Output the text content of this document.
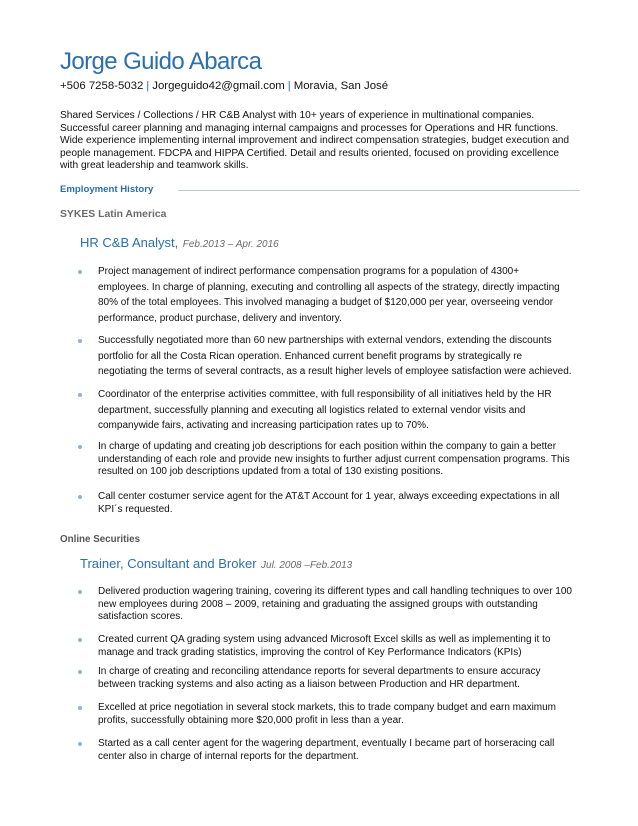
Jorge Guido Abarca
+506 7258-5032 | Jorgeguido42@gmail.com | Moravia, San José
Shared Services / Collections / HR C&B Analyst with 10+ years of experience in multinational companies.
Successful career planning and managing internal campaigns and processes for Operations and HR functions.
Wide experience implementing internal improvement and indirect compensation strategies, budget execution and
people management. FDCPA and HIPPA Certified. Detail and results oriented, focused on providing excellence
with great leadership and teamwork skills.
Employment History
SYKES Latin America
HR C&B Analyst, Feb.2013 – Apr. 2016
Project management of indirect performance compensation programs for a population of 4300+
employees. In charge of planning, executing and controlling all aspects of the strategy, directly impacting
80% of the total employees. This involved managing a budget of $120,000 per year, overseeing vendor
performance, product purchase, delivery and inventory.
Successfully negotiated more than 60 new partnerships with external vendors, extending the discounts
portfolio for all the Costa Rican operation. Enhanced current benefit programs by strategically re
negotiating the terms of several contracts, as a result higher levels of employee satisfaction were achieved.
Coordinator of the enterprise activities committee, with full responsibility of all initiatives held by the HR
department, successfully planning and executing all logistics related to external vendor visits and
companywide fairs, activating and increasing participation rates up to 70%.
In charge of updating and creating job descriptions for each position within the company to gain a better
understanding of each role and provide new insights to further adjust current compensation programs. This
resulted on 100 job descriptions updated from a total of 130 existing positions.
Call center costumer service agent for the AT&T Account for 1 year, always exceeding expectations in all
KPI´s requested.
Online Securities
Trainer, Consultant and Broker Jul. 2008 –Feb.2013
Delivered production wagering training, covering its different types and call handling techniques to over 100
new employees during 2008 – 2009, retaining and graduating the assigned groups with outstanding
satisfaction scores.
Created current QA grading system using advanced Microsoft Excel skills as well as implementing it to
manage and track grading statistics, improving the control of Key Performance Indicators (KPIs)
In charge of creating and reconciling attendance reports for several departments to ensure accuracy
between tracking systems and also acting as a liaison between Production and HR department.
Excelled at price negotiation in several stock markets, this to trade company budget and earn maximum
profits, successfully obtaining more $20,000 profit in less than a year.
Started as a call center agent for the wagering department, eventually I became part of horseracing call
center also in charge of internal reports for the department.
